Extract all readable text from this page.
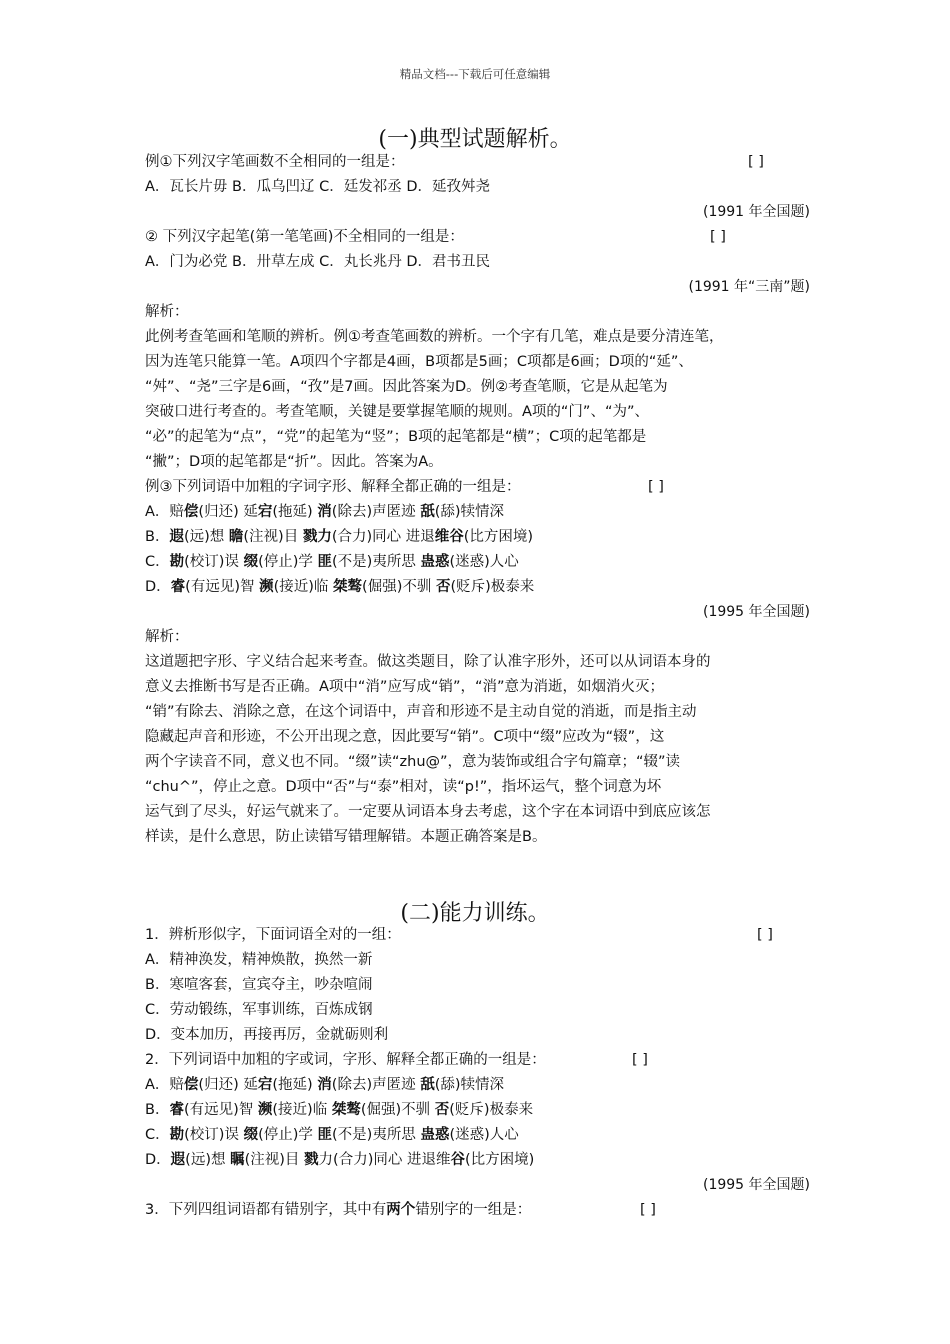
精品文档---下载后可任意编辑
(一)典型试题解析。
例①下列汉字笔画数不全相同的一组是：	[ ]
A．瓦长片毋 B．瓜乌凹辽 C．廷发祁丞 D．延孜舛尧
(1991 年全国题)
② 下列汉字起笔(第一笔笔画)不全相同的一组是：	[ ]
A．门为必党 B．卅草左成 C．丸长兆丹 D．君书丑民
(1991 年“三南”题)
解析：
此例考查笔画和笔顺的辨析。例①考查笔画数的辨析。一个字有几笔，难点是要分清连笔，
因为连笔只能算一笔。A项四个字都是4画，B项都是5画；C项都是6画；D项的“延”、
“舛”、“尧”三字是6画，“孜”是7画。因此答案为D。例②考查笔顺，它是从起笔为
突破口进行考查的。考查笔顺，关键是要掌握笔顺的规则。A项的“门”、“为”、
“必”的起笔为“点”，“党”的起笔为“竖”；B项的起笔都是“横”；C项的起笔都是
“撇”；D项的起笔都是“折”。因此。答案为A。
例③下列词语中加粗的字词字形、解释全都正确的一组是：	[ ]
A．赔偿(归还) 延宕(拖延) 消(除去)声匿迹 舐(舔)犊情深
B．遐(远)想 瞻(注视)目 戮力(合力)同心 进退维谷(比方困境)
C．勘(校订)误 缀(停止)学 匪(不是)夷所思 蛊惑(迷惑)人心
D．睿(有远见)智 濒(接近)临 桀骜(倔强)不驯 否(贬斥)极泰来
(1995 年全国题)
解析：
这道题把字形、字义结合起来考查。做这类题目，除了认准字形外，还可以从词语本身的
意义去推断书写是否正确。A项中“消”应写成“销”，“消”意为消逝，如烟消火灭；
“销”有除去、消除之意，在这个词语中，声音和形迹不是主动自觉的消逝，而是指主动
隐藏起声音和形迹，不公开出现之意，因此要写“销”。C项中“缀”应改为“辍”，这
两个字读音不同，意义也不同。“缀”读“zhu@”，意为装饰或组合字句篇章；“辍”读
“chu^”，停止之意。D项中“否”与“泰”相对，读“p!”，指坏运气，整个词意为坏
运气到了尽头，好运气就来了。一定要从词语本身去考虑，这个字在本词语中到底应该怎
样读，是什么意思，防止读错写错理解错。本题正确答案是B。
(二)能力训练。
1．辨析形似字，下面词语全对的一组：	[ ]
A．精神涣发，精神焕散，换然一新
B．寒喧客套，宣宾夺主，吵杂喧闹
C．劳动锻练，军事训练，百炼成钢
D．变本加历，再接再厉，金就砺则利
2．下列词语中加粗的字或词，字形、解释全都正确的一组是：	[ ]
A．赔偿(归还) 延宕(拖延) 消(除去)声匿迹 舐(舔)犊情深
B．睿(有远见)智 濒(接近)临 桀骜(倔强)不驯 否(贬斥)极泰来
C．勘(校订)误 缀(停止)学 匪(不是)夷所思 蛊惑(迷惑)人心
D．遐(远)想 瞩(注视)目 戮力(合力)同心 进退维谷(比方困境)
(1995 年全国题)
3．下列四组词语都有错别字，其中有两个错别字的一组是：	[ ]
